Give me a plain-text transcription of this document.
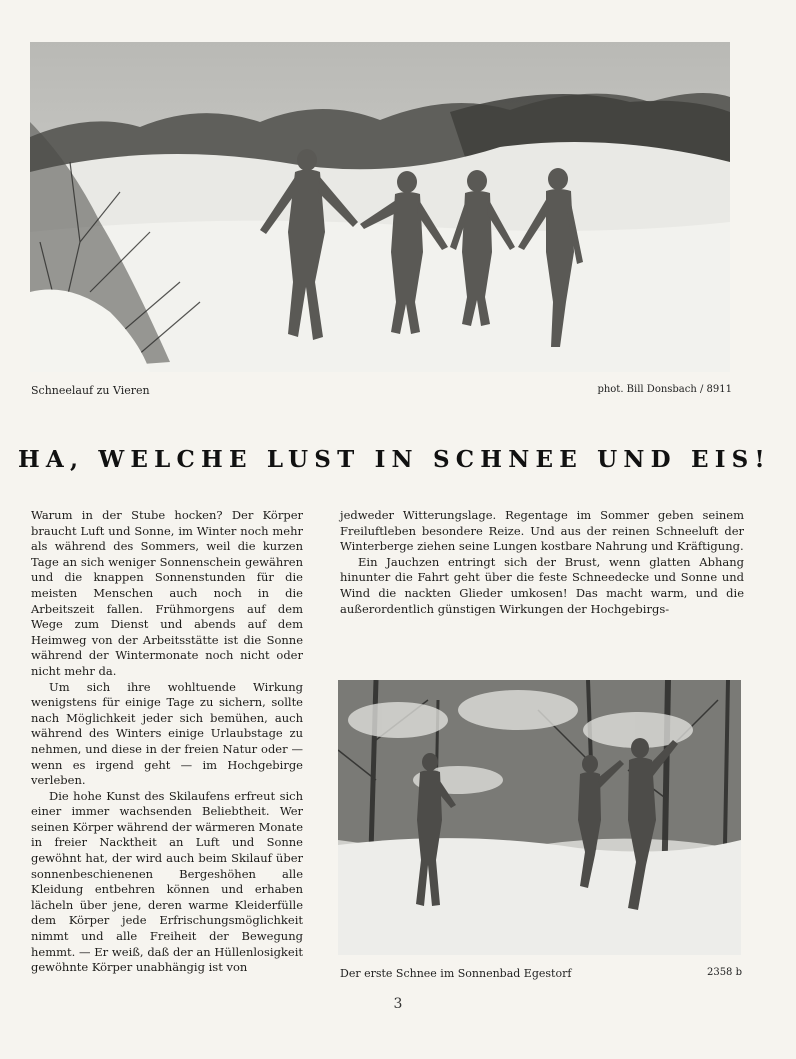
Schneelauf zu Vieren	phot. Bill Donsbach / 8911
HA, WELCHE LUST IN SCHNEE UND EIS!

Warum in der Stube hocken? Der Körper braucht Luft und Sonne, im Winter noch mehr als während des Sommers, weil die kurzen Tage an sich weniger Sonnenschein gewähren und die knappen Sonnenstunden für die meisten Menschen auch noch in die Arbeitszeit fallen. Frühmorgens auf dem Wege zum Dienst und abends auf dem Heimweg von der Arbeitsstätte ist die Sonne während der Wintermonate noch nicht oder nicht mehr da.

Um sich ihre wohltuende Wirkung wenigstens für einige Tage zu sichern, sollte nach Möglichkeit jeder sich bemühen, auch während des Winters einige Urlaubstage zu nehmen, und diese in der freien Natur oder — wenn es irgend geht — im Hochgebirge verleben.

Die hohe Kunst des Skilaufens erfreut sich einer immer wachsenden Beliebtheit. Wer seinen Körper während der wärmeren Monate in freier Nacktheit an Luft und Sonne gewöhnt hat, der wird auch beim Skilauf über sonnenbeschienenen Bergeshöhen alle Kleidung entbehren können und erhaben lächeln über jene, deren warme Kleiderfülle dem Körper jede Erfrischungsmöglichkeit nimmt und alle Freiheit der Bewegung hemmt. — Er weiß, daß der an Hüllenlosigkeit gewöhnte Körper unabhängig ist von

jedweder Witterungslage. Regentage im Sommer geben seinem Freiluftleben besondere Reize. Und aus der reinen Schneeluft der Winterberge ziehen seine Lungen kostbare Nahrung und Kräftigung.

Ein Jauchzen entringt sich der Brust, wenn glatten Abhang hinunter die Fahrt geht über die feste Schneedecke und Sonne und Wind die nackten Glieder umkosen! Das macht warm, und die außerordentlich günstigen Wirkungen der Hochgebirgs-

Der erste Schnee im Sonnenbad Egestorf	2358 b
3
